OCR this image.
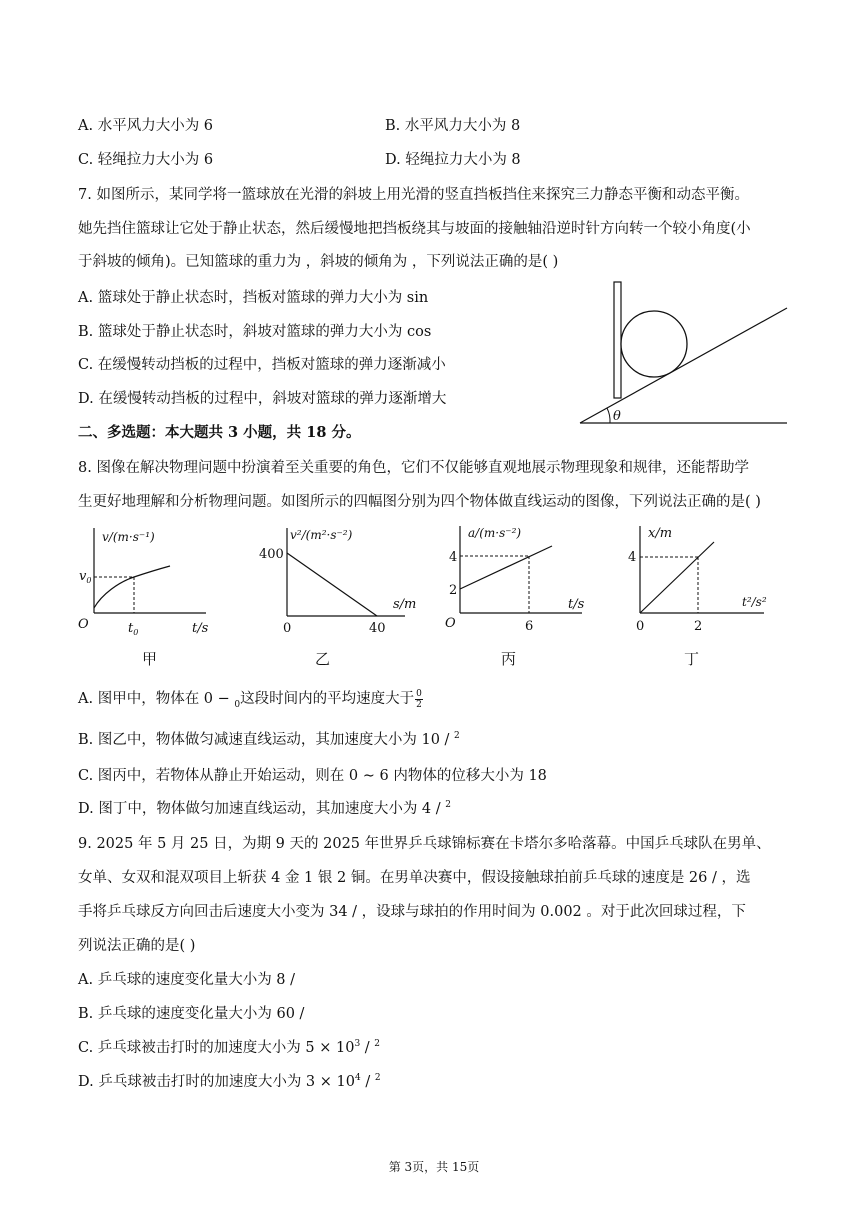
A. 水平风力大小为 6	B. 水平风力大小为 8
C. 轻绳拉力大小为 6	D. 轻绳拉力大小为 8
7. 如图所示，某同学将一篮球放在光滑的斜坡上用光滑的竖直挡板挡住来探究三力静态平衡和动态平衡。
她先挡住篮球让它处于静止状态，然后缓慢地把挡板绕其与坡面的接触轴沿逆时针方向转一个较小角度(小
于斜坡的倾角)。已知篮球的重力为 ，斜坡的倾角为 ，下列说法正确的是( )
A. 篮球处于静止状态时，挡板对篮球的弹力大小为 sin
B. 篮球处于静止状态时，斜坡对篮球的弹力大小为 cos
C. 在缓慢转动挡板的过程中，挡板对篮球的弹力逐渐减小
D. 在缓慢转动挡板的过程中，斜坡对篮球的弹力逐渐增大
θ
二、多选题：本大题共 3 小题，共 18 分。
8. 图像在解决物理问题中扮演着至关重要的角色，它们不仅能够直观地展示物理现象和规律，还能帮助学
生更好地理解和分析物理问题。如图所示的四幅图分别为四个物体做直线运动的图像，下列说法正确的是( )
v/(m·s⁻¹)
t/s
O
$v_0$
$t_0$
甲
v²/(m²·s⁻²)
s/m
400
0	40
乙
a/(m·s⁻²)
t/s
O
4
2
6
丙
x/m
t²/s²
4
0	2
丁
A. 图甲中，物体在 0 − $_0$这段时间内的平均速度大于 $\frac{0}{2}$
B. 图乙中，物体做匀减速直线运动，其加速度大小为 10 / $^2$
C. 图丙中，若物体从静止开始运动，则在 0 ∼ 6 内物体的位移大小为 18
D. 图丁中，物体做匀加速直线运动，其加速度大小为 4 / $^2$
9. 2025 年 5 月 25 日，为期 9 天的 2025 年世界乒乓球锦标赛在卡塔尔多哈落幕。中国乒乓球队在男单、
女单、女双和混双项目上斩获 4 金 1 银 2 铜。在男单决赛中，假设接触球拍前乒乓球的速度是 26 / ，选
手将乒乓球反方向回击后速度大小变为 34 / ，设球与球拍的作用时间为 0.002 。对于此次回球过程，下
列说法正确的是( )
A. 乒乓球的速度变化量大小为 8 /
B. 乒乓球的速度变化量大小为 60 /
C. 乒乓球被击打时的加速度大小为 $5 \times 10^3 / ^2$
D. 乒乓球被击打时的加速度大小为 $3 \times 10^4 / ^2$
第 3页，共 15页
